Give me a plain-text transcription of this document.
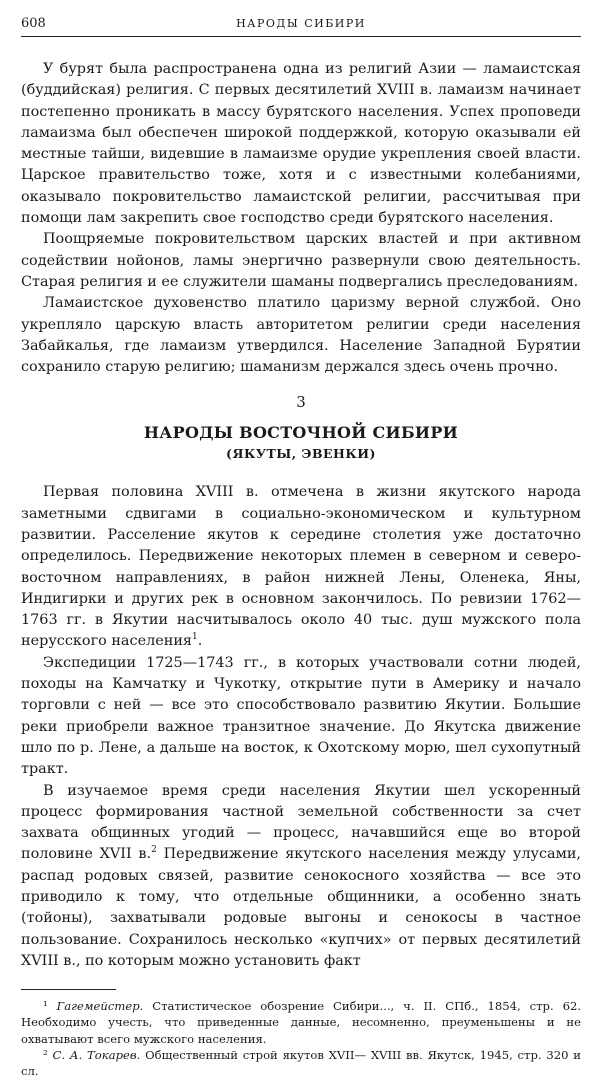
608	НАРОДЫ СИБИРИ

У бурят была распространена одна из религий Азии — ламаистская (буддийская) религия. С первых десятилетий XVIII в. ламаизм начинает постепенно проникать в массу бурятского населения. Успех проповеди ламаизма был обеспечен широкой поддержкой, которую оказывали ей местные тайши, видевшие в ламаизме орудие укрепления своей власти. Царское правительство тоже, хотя и с известными колебаниями, оказывало покровительство ламаистской религии, рассчитывая при помощи лам закрепить свое господство среди бурятского населения.

Поощряемые покровительством царских властей и при активном содействии нойонов, ламы энергично развернули свою деятельность. Старая религия и ее служители шаманы подвергались преследованиям.

Ламаистское духовенство платило царизму верной службой. Оно укрепляло царскую власть авторитетом религии среди населения Забайкалья, где ламаизм утвердился. Население Западной Бурятии сохранило старую религию; шаманизм держался здесь очень прочно.

3
НАРОДЫ ВОСТОЧНОЙ СИБИРИ
(ЯКУТЫ, ЭВЕНКИ)

Первая половина XVIII в. отмечена в жизни якутского народа заметными сдвигами в социально-экономическом и культурном развитии. Расселение якутов к середине столетия уже достаточно определилось. Передвижение некоторых племен в северном и северо-восточном направлениях, в район нижней Лены, Оленека, Яны, Индигирки и других рек в основном закончилось. По ревизии 1762—1763 гг. в Якутии насчитывалось около 40 тыс. душ мужского пола нерусского населения$^1$.

Экспедиции 1725—1743 гг., в которых участвовали сотни людей, походы на Камчатку и Чукотку, открытие пути в Америку и начало торговли с ней — все это способствовало развитию Якутии. Большие реки приобрели важное транзитное значение. До Якутска движение шло по р. Лене, а дальше на восток, к Охотскому морю, шел сухопутный тракт.

В изучаемое время среди населения Якутии шел ускоренный процесс формирования частной земельной собственности за счет захвата общинных угодий — процесс, начавшийся еще во второй половине XVII в.$^2$ Передвижение якутского населения между улусами, распад родовых связей, развитие сенокосного хозяйства — все это приводило к тому, что отдельные общинники, а особенно знать (тойоны), захватывали родовые выгоны и сенокосы в частное пользование. Сохранилось несколько «купчих» от первых десятилетий XVIII в., по которым можно установить факт

¹ Гагемейстер. Статистическое обозрение Сибири..., ч. II. СПб., 1854, стр. 62. Необходимо учесть, что приведенные данные, несомненно, преуменьшены и не охватывают всего мужского населения.

² С. А. Токарев. Общественный строй якутов XVII— XVIII вв. Якутск, 1945, стр. 320 и сл.
